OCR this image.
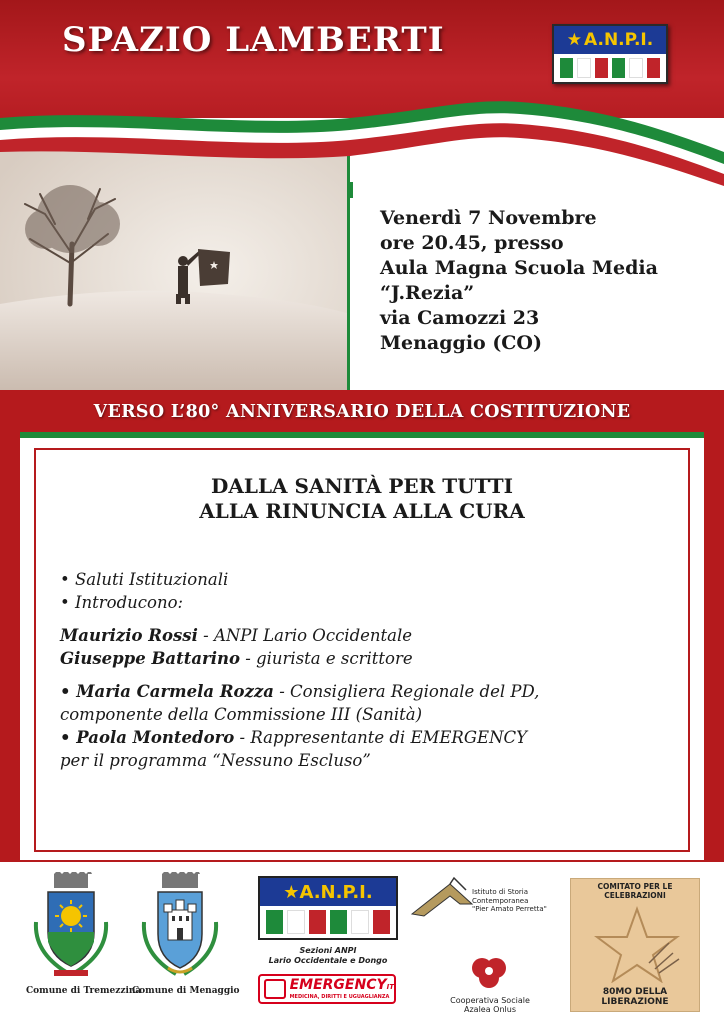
SPAZIO LAMBERTI	★ A.N.P.I.
Venerdì 7 Novembre
ore 20.45, presso
Aula Magna Scuola Media
“J.Rezia”
via Camozzi 23
Menaggio (CO)
VERSO L’80° ANNIVERSARIO DELLA COSTITUZIONE
DALLA SANITÀ PER TUTTI
ALLA RINUNCIA ALLA CURA
• Saluti Istituzionali
• Introducono:
Maurizio Rossi - ANPI Lario Occidentale
Giuseppe Battarino - giurista e scrittore
• Maria Carmela Rozza - Consigliera Regionale del PD,
componente della Commissione III (Sanità)
• Paola Montedoro - Rappresentante di EMERGENCY
per il programma “Nessuno Escluso”
Comune di Tremezzina
Comune di Menaggio
★ A.N.P.I.
Sezioni ANPI
Lario Occidentale e Dongo
EMERGENCYIT
MEDICINA, DIRITTI E UGUAGLIANZA
Istituto di Storia
Contemporanea
"Pier Amato Perretta"
Cooperativa Sociale
Azalea Onlus
COMITATO PER LE CELEBRAZIONI
80MO DELLA LIBERAZIONE
